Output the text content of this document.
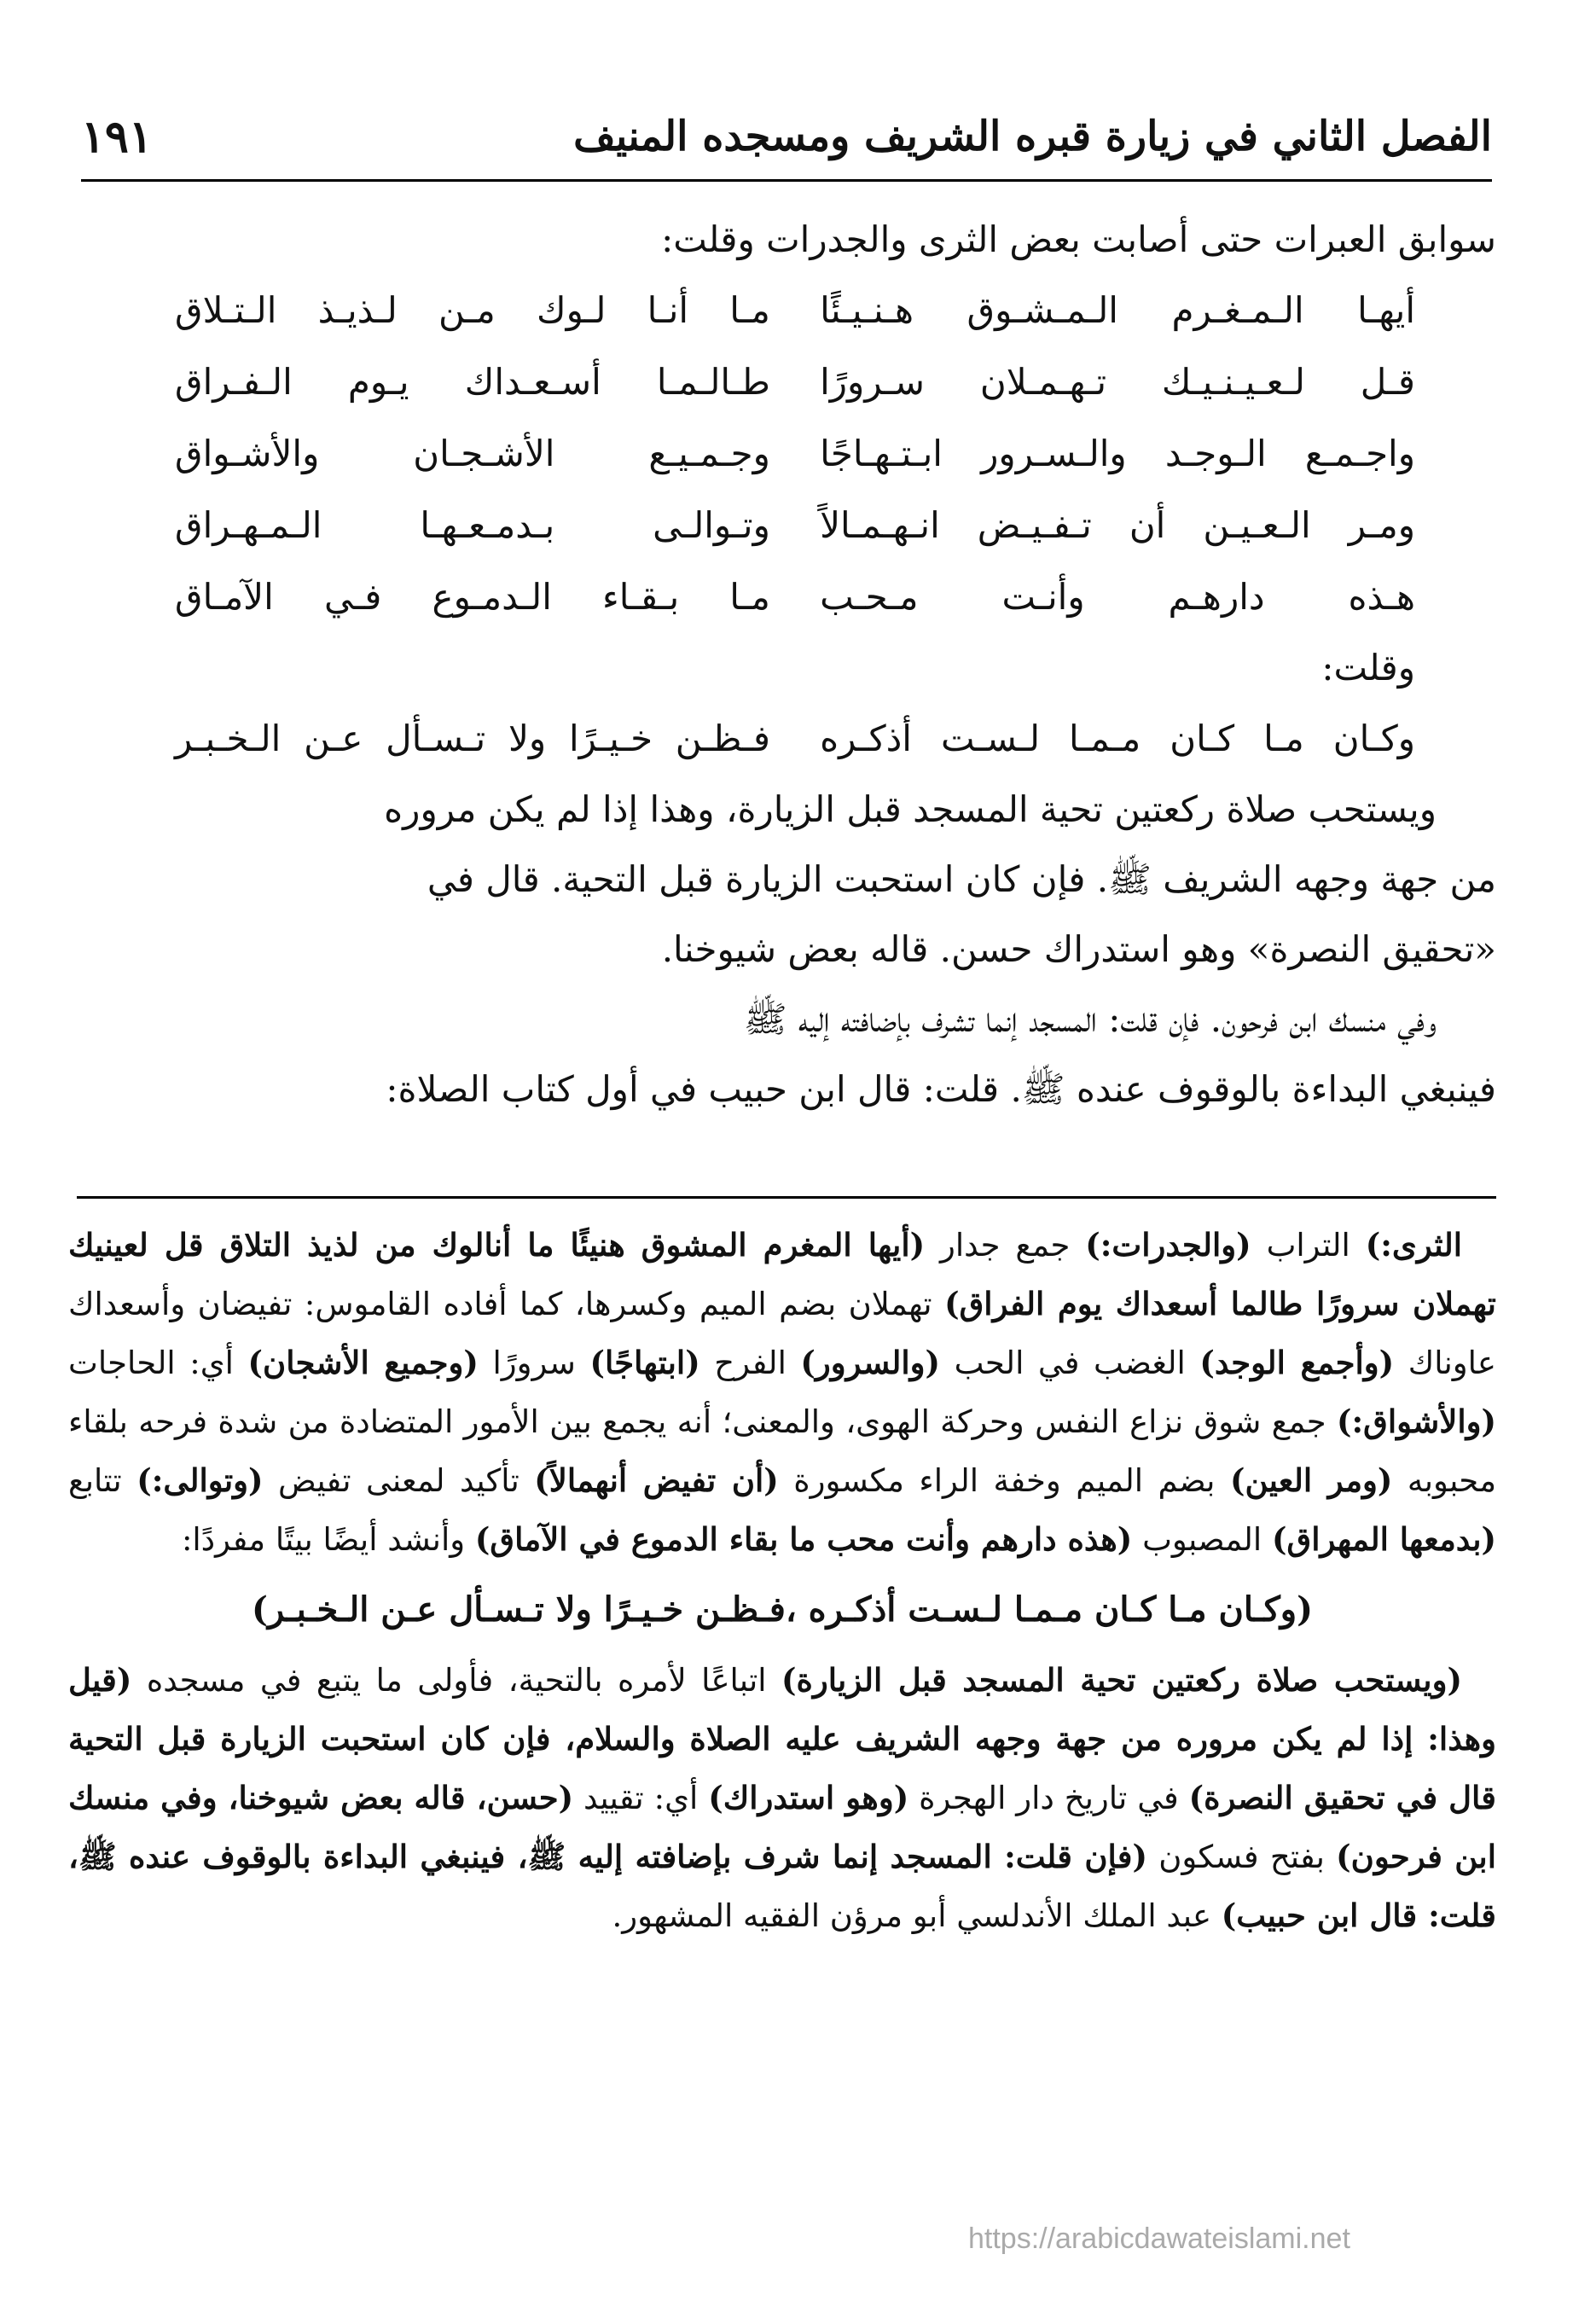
الفصل الثاني في زيارة قبره الشريف ومسجده المنيف
١٩١

سوابق العبرات حتى أصابت بعض الثرى والجدرات وقلت:

أيهـا الـمـغـرم الـمـشـوق هـنـيـئًا
مـا أنـا لـوك مـن لـذيـذ الـتـلاق
قـل لـعـيـنـيـك تـهـمـلان سـرورًا
طـالـمـا أسـعـداك يـوم الـفـراق
واجـمـع الـوجـد والـسـرور ابـتـهـاجًا
وجـمـيـع الأشـجـان والأشـواق
ومـر الـعـيـن أن تـفـيـض انـهـمـالاً
وتـوالـى بـدمـعـهـا الـمـهـراق
هـذه دارهـم وأنـت مـحـب
مـا بـقـاء الـدمـوع فـي الآمـاق

وقلت:

وكـان مـا كـان مـمـا لـسـت أذكـره
فـظـن خـيـرًا ولا تـسـأل عـن الـخـبـر

ويستحب صلاة ركعتين تحية المسجد قبل الزيارة، وهذا إذا لم يكن مروره

من جهة وجهه الشريف ﷺ. فإن كان استحبت الزيارة قبل التحية. قال في

«تحقيق النصرة» وهو استدراك حسن. قاله بعض شيوخنا.

وفي منسك ابن فرحون. فإن قلت: المسجد إنما تشرف بإضافته إليه ﷺ

فينبغي البداءة بالوقوف عنده ﷺ. قلت: قال ابن حبيب في أول كتاب الصلاة:

الثرى:) التراب (والجدرات:) جمع جدار (أيها المغرم المشوق هنيئًا ما أنالوك من لذيذ التلاق قل لعينيك تهملان سرورًا طالما أسعداك يوم الفراق) تهملان بضم الميم وكسرها، كما أفاده القاموس: تفيضان وأسعداك عاوناك (وأجمع الوجد) الغضب في الحب (والسرور) الفرح (ابتهاجًا) سرورًا (وجميع الأشجان) أي: الحاجات (والأشواق:) جمع شوق نزاع النفس وحركة الهوى، والمعنى؛ أنه يجمع بين الأمور المتضادة من شدة فرحه بلقاء محبوبه (ومر العين) بضم الميم وخفة الراء مكسورة (أن تفيض أنهمالاً) تأكيد لمعنى تفيض (وتوالى:) تتابع (بدمعها المهراق) المصبوب (هذه دارهم وأنت محب ما بقاء الدموع في الآماق) وأنشد أيضًا بيتًا مفردًا:

(وكـان مـا كـان مـمـا لـسـت أذكـره ،فـظـن خـيـرًا ولا تـسـأل عـن الـخـبـر)

(ويستحب صلاة ركعتين تحية المسجد قبل الزيارة) اتباعًا لأمره بالتحية، فأولى ما يتبع في مسجده (قيل وهذا: إذا لم يكن مروره من جهة وجهه الشريف عليه الصلاة والسلام، فإن كان استحبت الزيارة قبل التحية قال في تحقيق النصرة) في تاريخ دار الهجرة (وهو استدراك) أي: تقييد (حسن، قاله بعض شيوخنا، وفي منسك ابن فرحون) بفتح فسكون (فإن قلت: المسجد إنما شرف بإضافته إليه ﷺ، فينبغي البداءة بالوقوف عنده ﷺ، قلت: قال ابن حبيب) عبد الملك الأندلسي أبو مرؤن الفقيه المشهور.

https://arabicdawateislami.net
